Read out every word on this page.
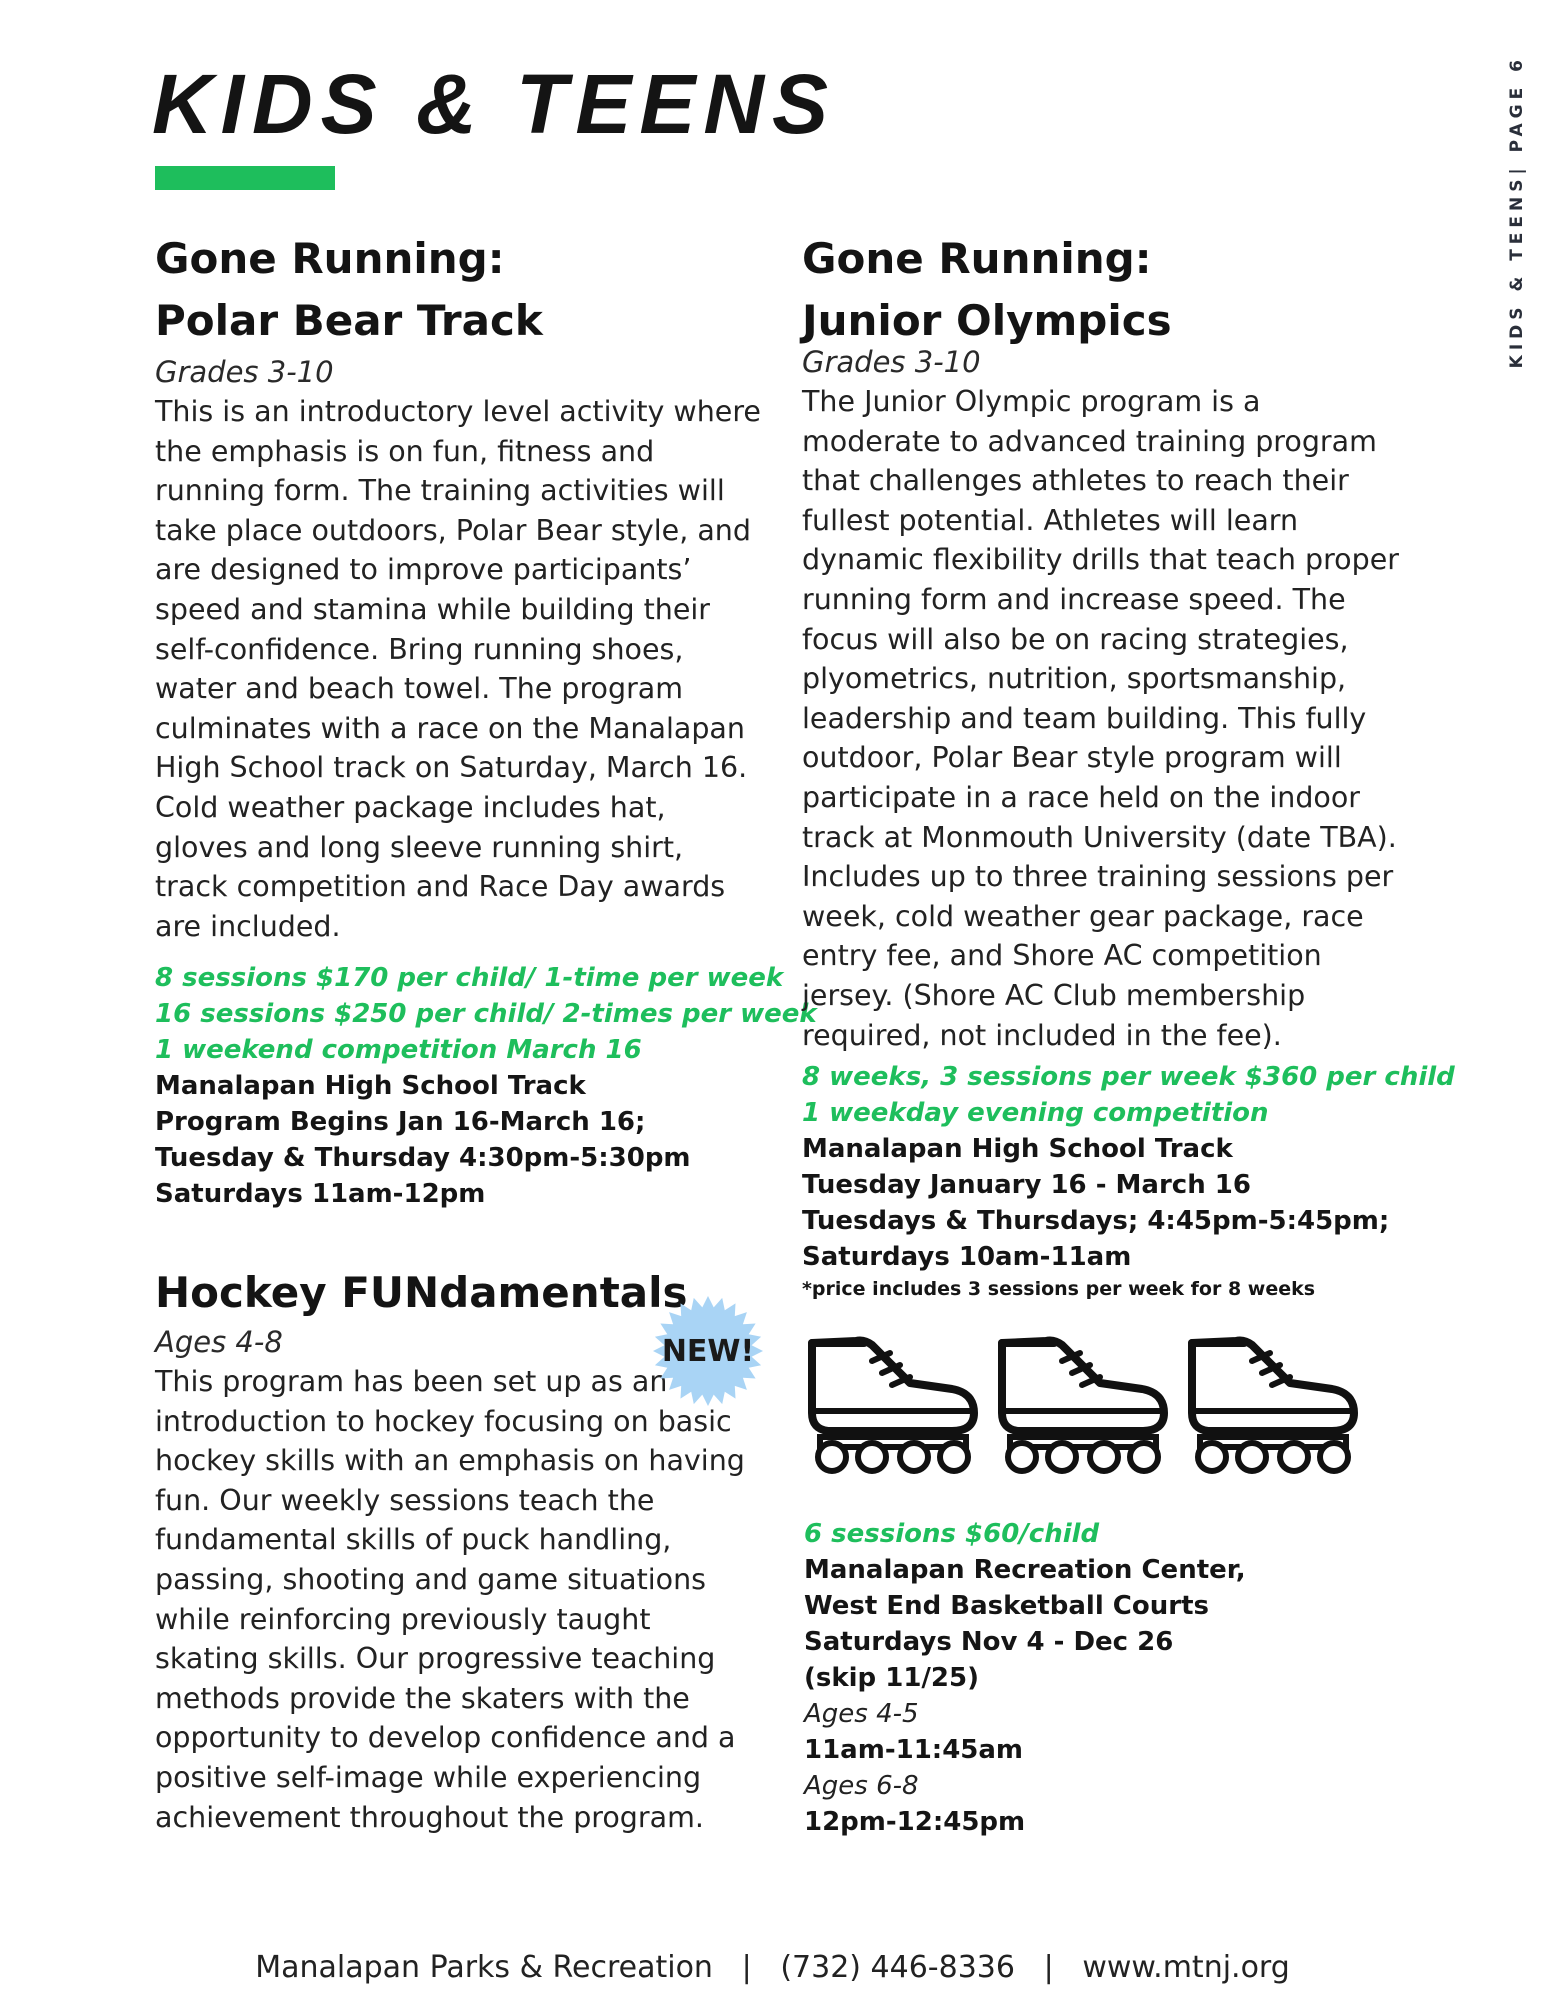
KIDS & TEENS	KIDS & TEENS| PAGE 6
Gone Running:
Polar Bear Track
Grades 3-10
This is an introductory level activity where
the emphasis is on fun, fitness and
running form. The training activities will
take place outdoors, Polar Bear style, and
are designed to improve participants’
speed and stamina while building their
self-confidence. Bring running shoes,
water and beach towel. The program
culminates with a race on the Manalapan
High School track on Saturday, March 16.
Cold weather package includes hat,
gloves and long sleeve running shirt,
track competition and Race Day awards
are included.
8 sessions $170 per child/ 1-time per week
16 sessions $250 per child/ 2-times per week
1 weekend competition March 16
Manalapan High School Track
Program Begins Jan 16-March 16;
Tuesday & Thursday 4:30pm-5:30pm
Saturdays 11am-12pm
Hockey FUNdamentals
Ages 4-8
This program has been set up as an
introduction to hockey focusing on basic
hockey skills with an emphasis on having
fun. Our weekly sessions teach the
fundamental skills of puck handling,
passing, shooting and game situations
while reinforcing previously taught
skating skills. Our progressive teaching
methods provide the skaters with the
opportunity to develop confidence and a
positive self-image while experiencing
achievement throughout the program.
NEW!
Gone Running:
Junior Olympics
Grades 3-10
The Junior Olympic program is a
moderate to advanced training program
that challenges athletes to reach their
fullest potential. Athletes will learn
dynamic flexibility drills that teach proper
running form and increase speed. The
focus will also be on racing strategies,
plyometrics, nutrition, sportsmanship,
leadership and team building. This fully
outdoor, Polar Bear style program will
participate in a race held on the indoor
track at Monmouth University (date TBA).
Includes up to three training sessions per
week, cold weather gear package, race
entry fee, and Shore AC competition
jersey. (Shore AC Club membership
required, not included in the fee).
8 weeks, 3 sessions per week $360 per child
1 weekday evening competition
Manalapan High School Track
Tuesday January 16 - March 16
Tuesdays & Thursdays; 4:45pm-5:45pm;
Saturdays 10am-11am
*price includes 3 sessions per week for 8 weeks
6 sessions $60/child
Manalapan Recreation Center,
West End Basketball Courts
Saturdays Nov 4 - Dec 26
(skip 11/25)
Ages 4-5
11am-11:45am
Ages 6-8
12pm-12:45pm
Manalapan Parks & Recreation | (732) 446-8336 | www.mtnj.org
